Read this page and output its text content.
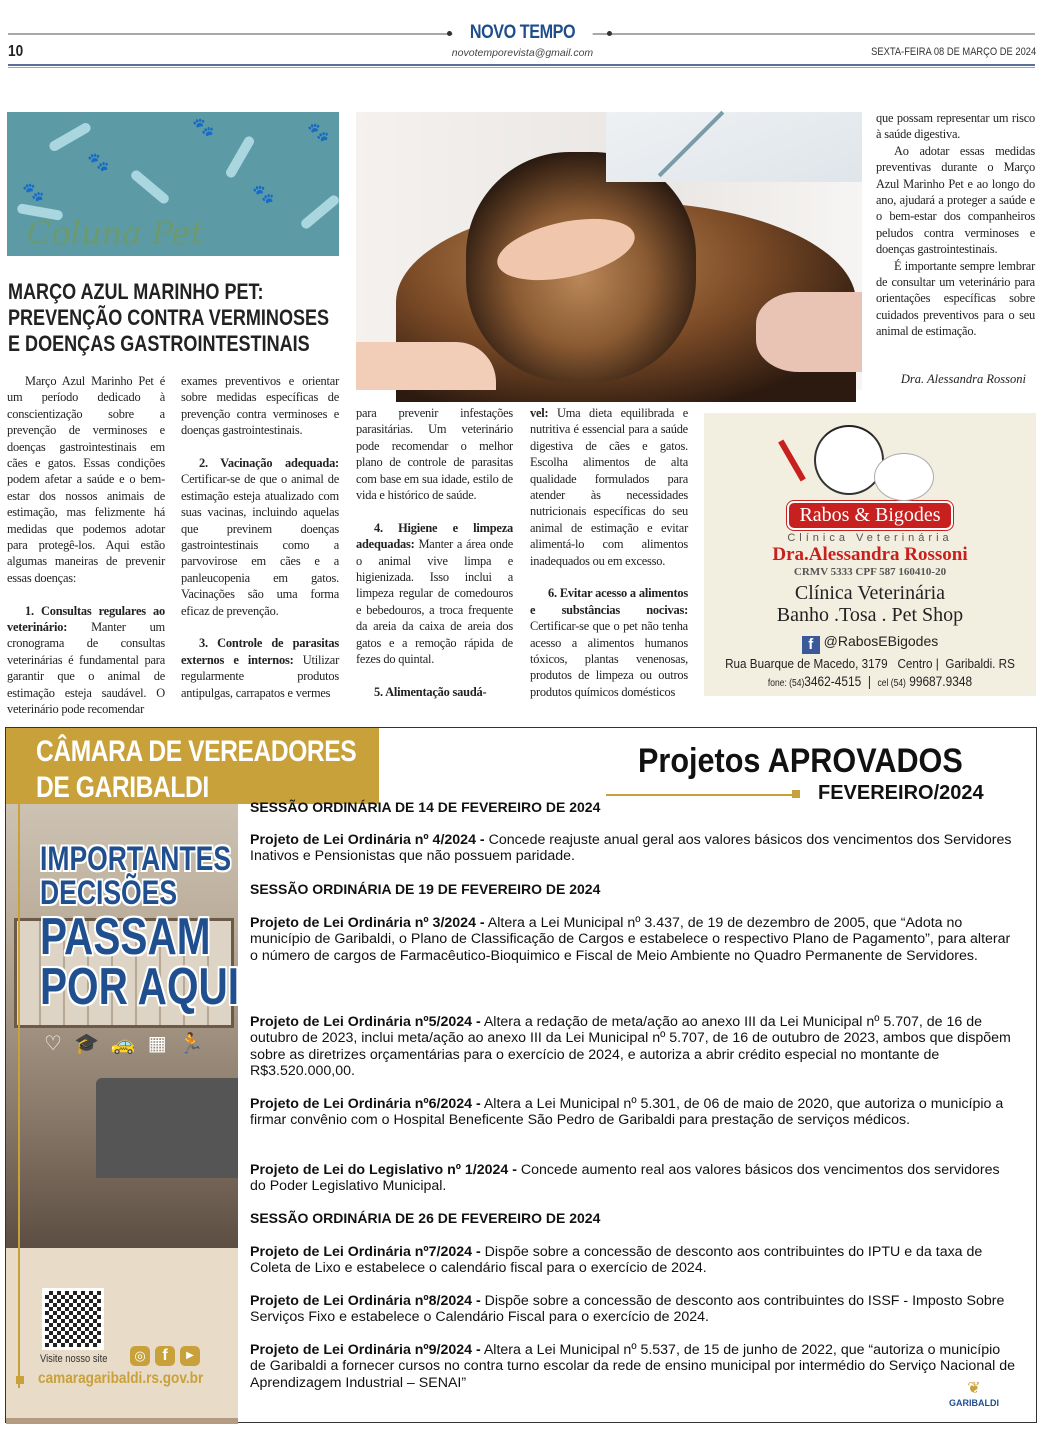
NOVO TEMPO
10	novotemporevista@gmail.com	SEXTA-FEIRA 08 DE MARÇO DE 2024
🐾	🐾
🐾
🐾	🐾
Coluna Pet
MARÇO AZUL MARINHO PET:
PREVENÇÃO CONTRA VERMINOSES
E DOENÇAS GASTROINTESTINAIS

Março Azul Marinho Pet é um período dedicado à conscientização sobre a prevenção de verminoses e doenças gastrointestinais em cães e gatos. Essas condições podem afetar a saúde e o bem-estar dos nossos animais de estimação, mas felizmente há medidas que podemos adotar para protegê-los. Aqui estão algumas maneiras de prevenir essas doenças:

1. Consultas regulares ao veterinário: Manter um cronograma de consultas veterinárias é fundamental para garantir que o animal de estimação esteja saudável. O veterinário pode recomendar

exames preventivos e orientar sobre medidas específicas de prevenção contra verminoses e doenças gastrointestinais.

2. Vacinação adequada: Certificar-se de que o animal de estimação esteja atualizado com suas vacinas, incluindo aquelas que previnem doenças gastrointestinais como a parvovirose em cães e a panleucopenia em gatos. Vacinações são uma forma eficaz de prevenção.

3. Controle de parasitas externos e internos: Utilizar regularmente produtos antipulgas, carrapatos e vermes

para prevenir infestações parasitárias. Um veterinário pode recomendar o melhor plano de controle de parasitas com base em sua idade, estilo de vida e histórico de saúde.

4. Higiene e limpeza adequadas: Manter a área onde o animal vive limpa e higienizada. Isso inclui a limpeza regular de comedouros e bebedouros, a troca frequente da areia da caixa de areia dos gatos e a remoção rápida de fezes do quintal.

5. Alimentação saudá-

vel: Uma dieta equilibrada e nutritiva é essencial para a saúde digestiva de cães e gatos. Escolha alimentos de alta qualidade formulados para atender às necessidades nutricionais específicas do seu animal de estimação e evitar alimentá-lo com alimentos inadequados ou em excesso.

6. Evitar acesso a alimentos e substâncias nocivas: Certificar-se que o pet não tenha acesso a alimentos humanos tóxicos, plantas venenosas, produtos de limpeza ou outros produtos químicos domésticos

que possam representar um risco à saúde digestiva.

Ao adotar essas medidas preventivas durante o Março Azul Marinho Pet e ao longo do ano, ajudará a proteger a saúde e o bem-estar dos companheiros peludos contra verminoses e doenças gastrointestinais.

É importante sempre lembrar de consultar um veterinário para orientações específicas sobre cuidados preventivos para o seu animal de estimação.

Dra. Alessandra Rossoni
Rabos & Bigodes
Clínica Veterinária
Dra.Alessandra Rossoni
CRMV 5333 CPF 587 160410-20
Clínica Veterinária
Banho .Tosa . Pet Shop
f @RabosEBigodes
Rua Buarque de Macedo, 3179   Centro |  Garibaldi. RS
fone: (54)3462-4515  |  cel (54) 99687.9348
CÂMARA DE VEREADORES
DE GARIBALDI
IMPORTANTES
DECISÕES
PASSAM
POR AQUI
♡🎓🚕▦🏃
Visite nosso site	◎	f	▶
camaragaribaldi.rs.gov.br
Projetos APROVADOS
FEVEREIRO/2024
SESSÃO ORDINÁRIA DE 14 DE FEVEREIRO DE 2024
Projeto de Lei Ordinária nº 4/2024 - Concede reajuste anual geral aos valores básicos dos vencimentos dos Servidores Inativos e Pensionistas que não possuem paridade.
SESSÃO ORDINÁRIA DE 19 DE FEVEREIRO DE 2024
Projeto de Lei Ordinária nº 3/2024 - Altera a Lei Municipal nº 3.437, de 19 de dezembro de 2005, que “Adota no município de Garibaldi, o Plano de Classificação de Cargos e estabelece o respectivo Plano de Pagamento”, para alterar o número de cargos de Farmacêutico-Bioquimico e Fiscal de Meio Ambiente no Quadro Permanente de Servidores.
Projeto de Lei Ordinária nº5/2024 - Altera a redação de meta/ação ao anexo III da Lei Municipal nº 5.707, de 16 de outubro de 2023, inclui meta/ação ao anexo III da Lei Municipal nº 5.707, de 16 de outubro de 2023, ambos que dispõem sobre as diretrizes orçamentárias para o exercício de 2024, e autoriza a abrir crédito especial no montante de R$3.520.000,00.
Projeto de Lei Ordinária nº6/2024 - Altera a Lei Municipal nº 5.301, de 06 de maio de 2020, que autoriza o município a firmar convênio com o Hospital Beneficente São Pedro de Garibaldi para prestação de serviços médicos.
Projeto de Lei do Legislativo nº 1/2024 - Concede aumento real aos valores básicos dos vencimentos dos servidores do Poder Legislativo Municipal.
SESSÃO ORDINÁRIA DE 26 DE FEVEREIRO DE 2024
Projeto de Lei Ordinária nº7/2024 - Dispõe sobre a concessão de desconto aos contribuintes do IPTU e da taxa de Coleta de Lixo e estabelece o calendário fiscal para o exercício de 2024.
Projeto de Lei Ordinária nº8/2024 - Dispõe sobre a concessão de desconto aos contribuintes do ISSF - Imposto Sobre Serviços Fixo e estabelece o Calendário Fiscal para o exercício de 2024.
Projeto de Lei Ordinária nº9/2024 - Altera a Lei Municipal nº 5.537, de 15 de junho de 2022, que “autoriza o município de Garibaldi a fornecer cursos no contra turno escolar da rede de ensino municipal por intermédio do Serviço Nacional de Aprendizagem Industrial – SENAI”	❦
GARIBALDI
